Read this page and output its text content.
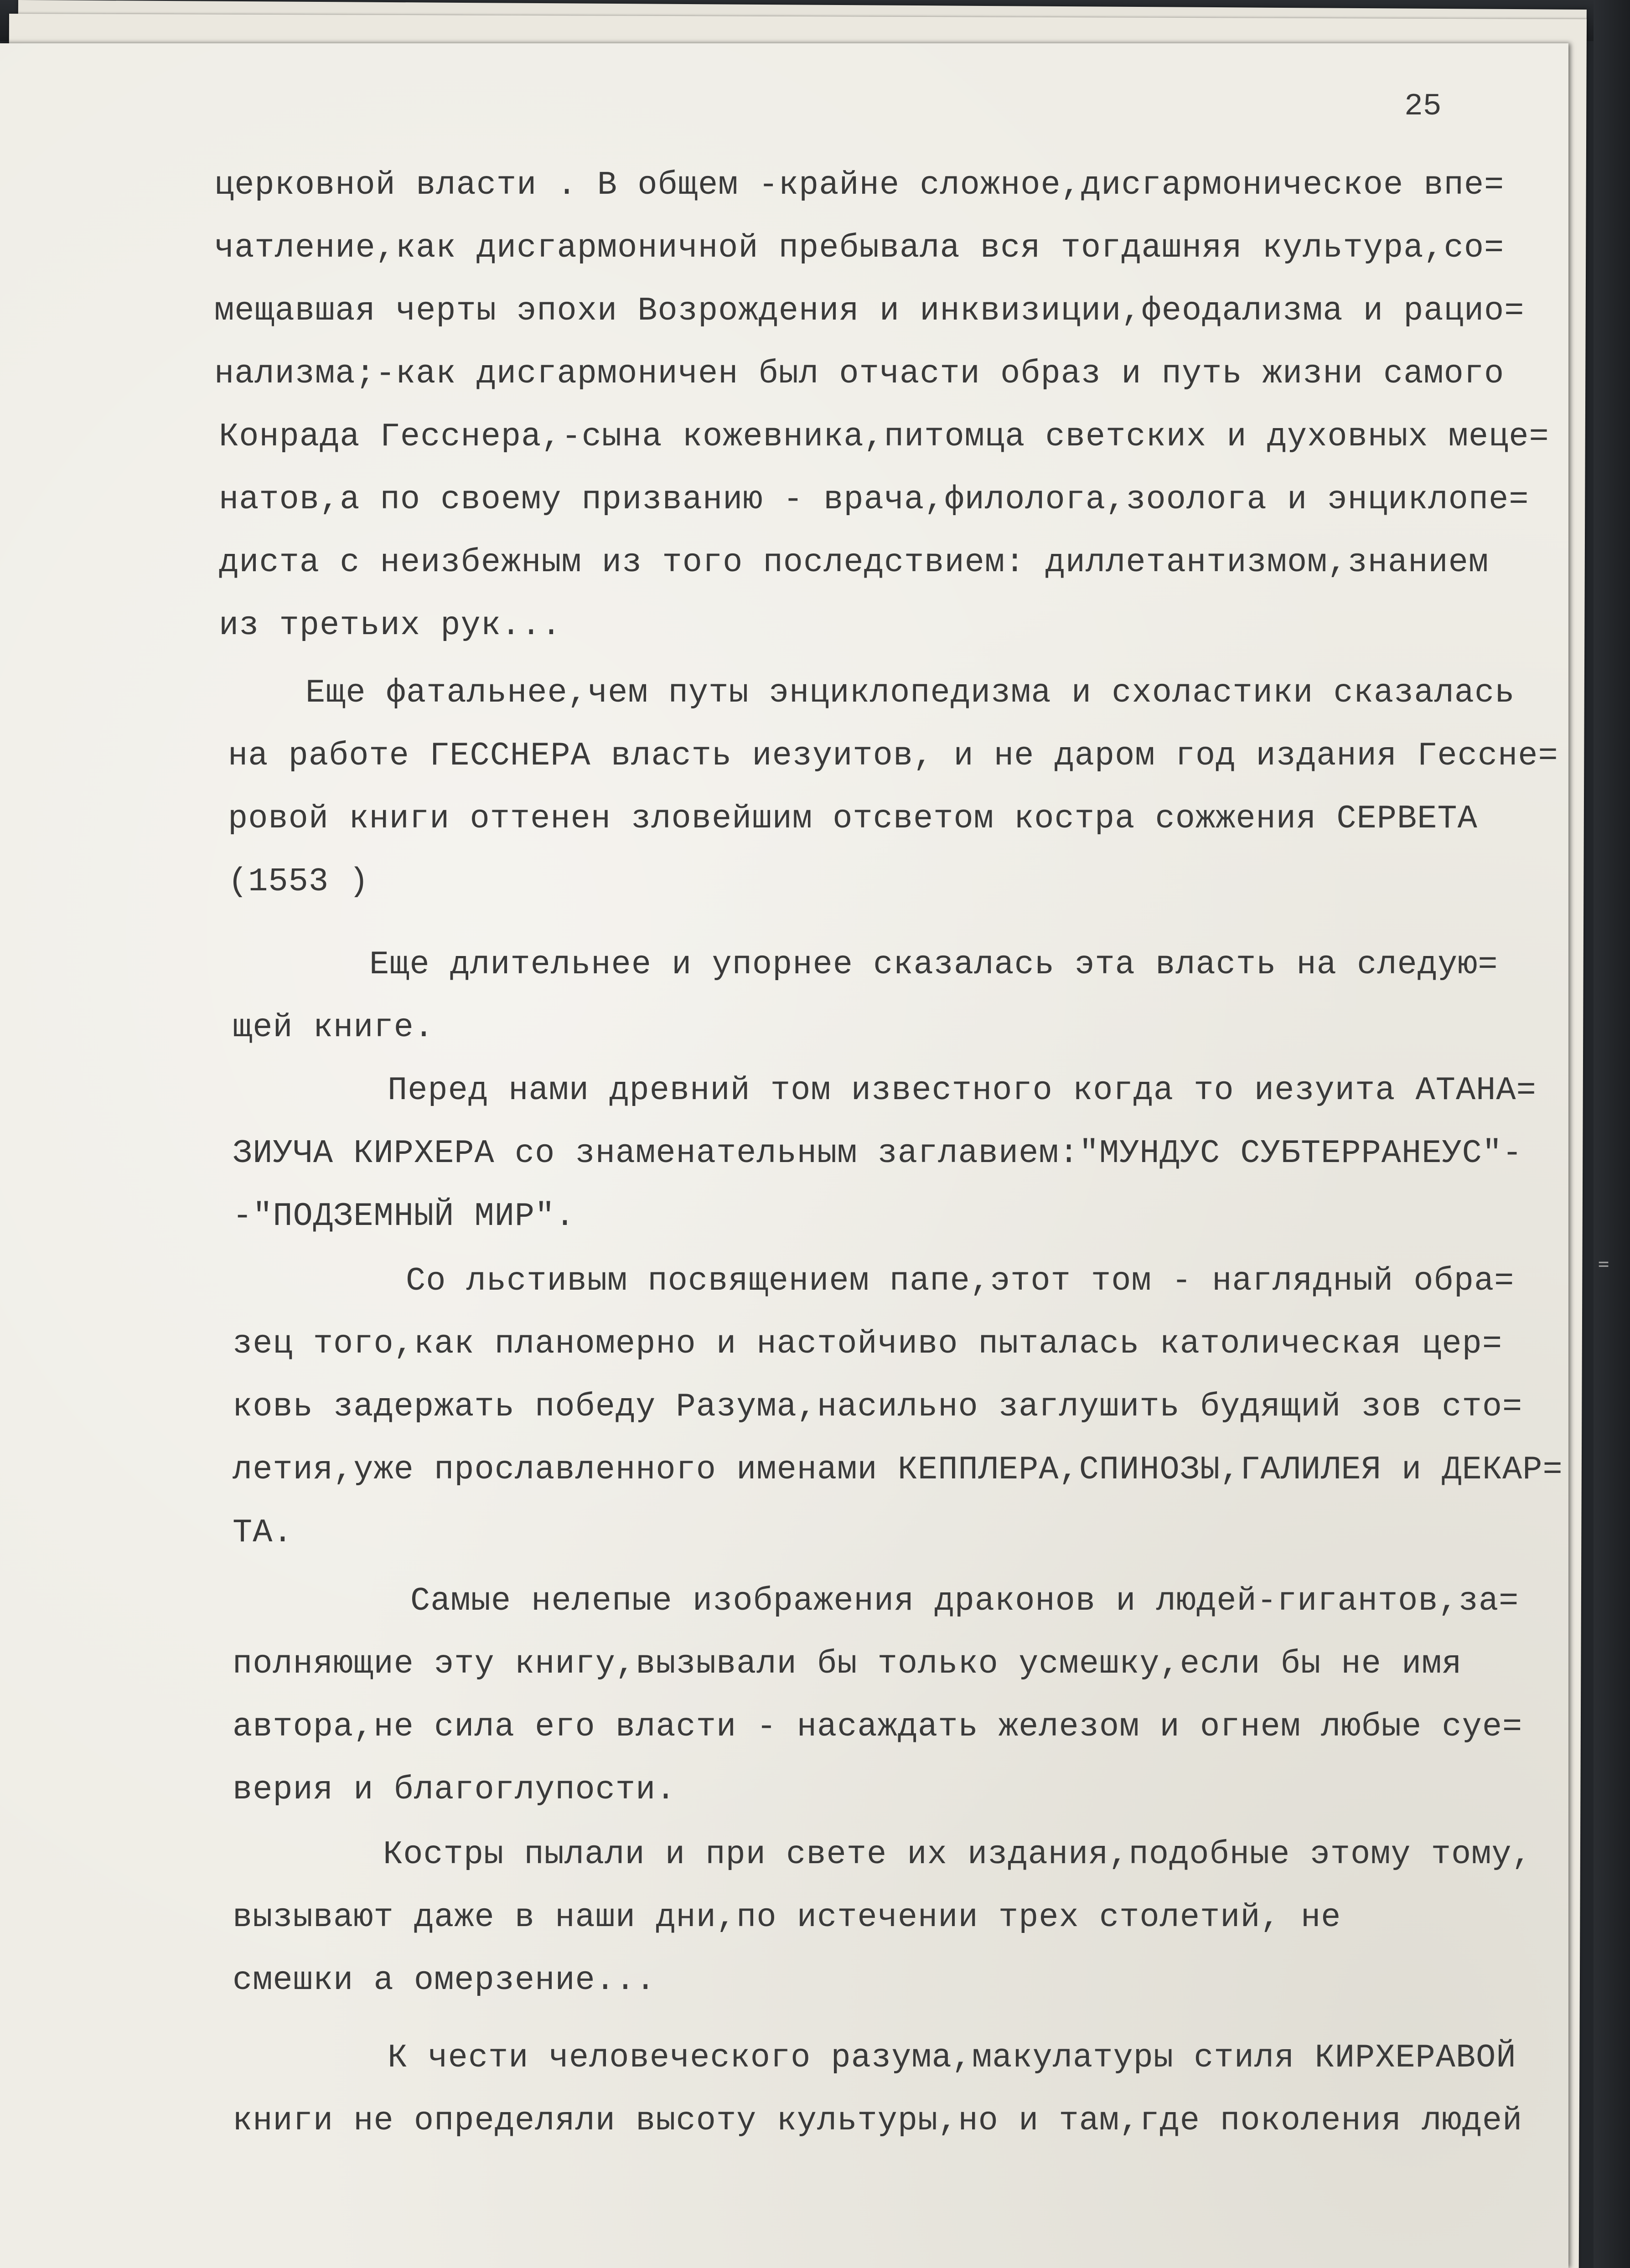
25
церковной власти . В общем -крайне сложное,дисгармоническое впе=
чатление,как дисгармоничной пребывала вся тогдашняя культура,со=
мещавшая черты эпохи Возрождения и инквизиции,феодализма и рацио=
нализма;-как дисгармоничен был отчасти образ и путь жизни самого
Конрада Гесснера,-сына кожевника,питомца светских и духовных меце=
натов,а по своему призванию - врача,филолога,зоолога и энциклопе=
диста с неизбежным из того последствием: диллетантизмом,знанием
из третьих рук...
Еще фатальнее,чем путы энциклопедизма и схоластики сказалась
на работе ГЕССНЕРА власть иезуитов, и не даром год издания Гессне=
ровой книги оттенен зловейшим отсветом костра сожжения СЕРВЕТА
(1553 )
Еще длительнее и упорнее сказалась эта власть на следую=
щей книге.
Перед нами древний том известного когда то иезуита АТАНА=
ЗИУЧА КИРХЕРА со знаменательным заглавием:"МУНДУС СУБТЕРРАНЕУС"-
-"ПОДЗЕМНЫЙ МИР".
Со льстивым посвящением папе,этот том - наглядный обра=
зец того,как планомерно и настойчиво пыталась католическая цер=
ковь задержать победу Разума,насильно заглушить будящий зов сто=
летия,уже прославленного именами КЕППЛЕРА,СПИНОЗЫ,ГАЛИЛЕЯ и ДЕКАР=
ТА.
Самые нелепые изображения драконов и людей-гигантов,за=
полняющие эту книгу,вызывали бы только усмешку,если бы не имя
автора,не сила его власти - насаждать железом и огнем любые суе=
верия и благоглупости.
Костры пылали и при свете их издания,подобные этому тому,
вызывают даже в наши дни,по истечении трех столетий, не
смешки а омерзение...
К чести человеческого разума,макулатуры стиля КИРХЕРАВОЙ
книги не определяли высоту культуры,но и там,где поколения людей
=
